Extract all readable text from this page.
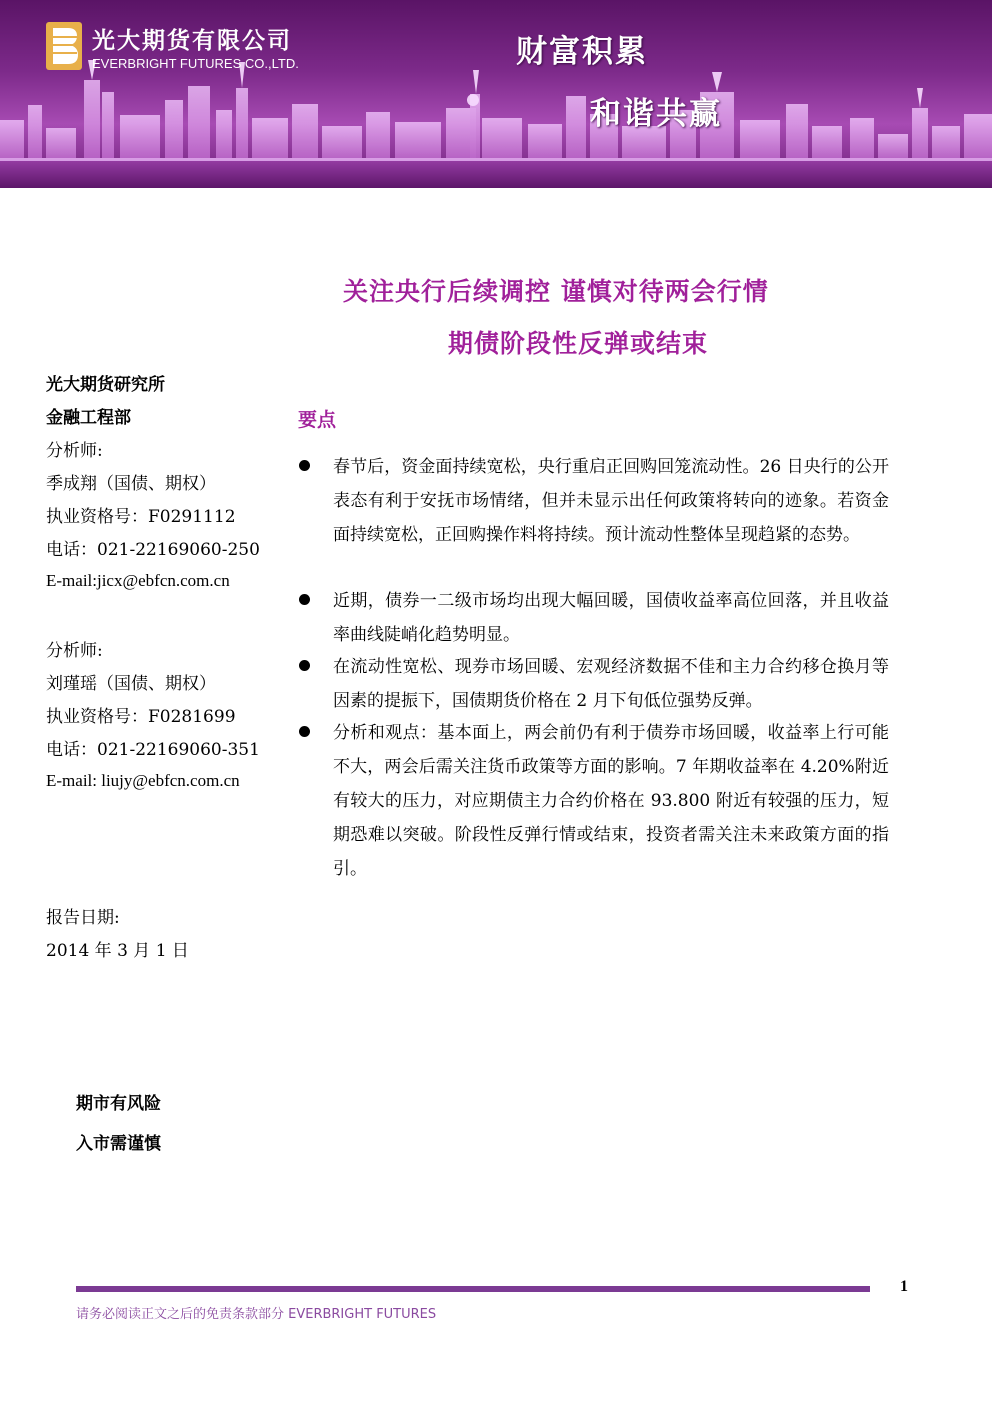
光大期货有限公司
EVERBRIGHT FUTURES CO.,LTD.	财富积累
和谐共赢
关注央行后续调控 谨慎对待两会行情
期债阶段性反弹或结束
光大期货研究所
金融工程部
分析师:
季成翔（国债、期权）
执业资格号：F0291112
电话：021-22169060-250
E-mail:jicx@ebfcn.com.cn
分析师:
刘瑾瑶（国债、期权）
执业资格号：F0281699
电话：021-22169060-351
E-mail: liujy@ebfcn.com.cn
报告日期:
2014 年 3 月 1 日
要点
春节后，资金面持续宽松，央行重启正回购回笼流动性。26 日央行的公开表态有利于安抚市场情绪，但并未显示出任何政策将转向的迹象。若资金面持续宽松，正回购操作料将持续。预计流动性整体呈现趋紧的态势。
近期，债券一二级市场均出现大幅回暖，国债收益率高位回落，并且收益率曲线陡峭化趋势明显。
在流动性宽松、现券市场回暖、宏观经济数据不佳和主力合约移仓换月等因素的提振下，国债期货价格在 2 月下旬低位强势反弹。
分析和观点：基本面上，两会前仍有利于债券市场回暖，收益率上行可能不大，两会后需关注货币政策等方面的影响。7 年期收益率在 4.20%附近有较大的压力，对应期债主力合约价格在 93.800 附近有较强的压力，短期恐难以突破。阶段性反弹行情或结束，投资者需关注未来政策方面的指引。
期市有风险
入市需谨慎
1
请务必阅读正文之后的免责条款部分 EVERBRIGHT FUTURES
